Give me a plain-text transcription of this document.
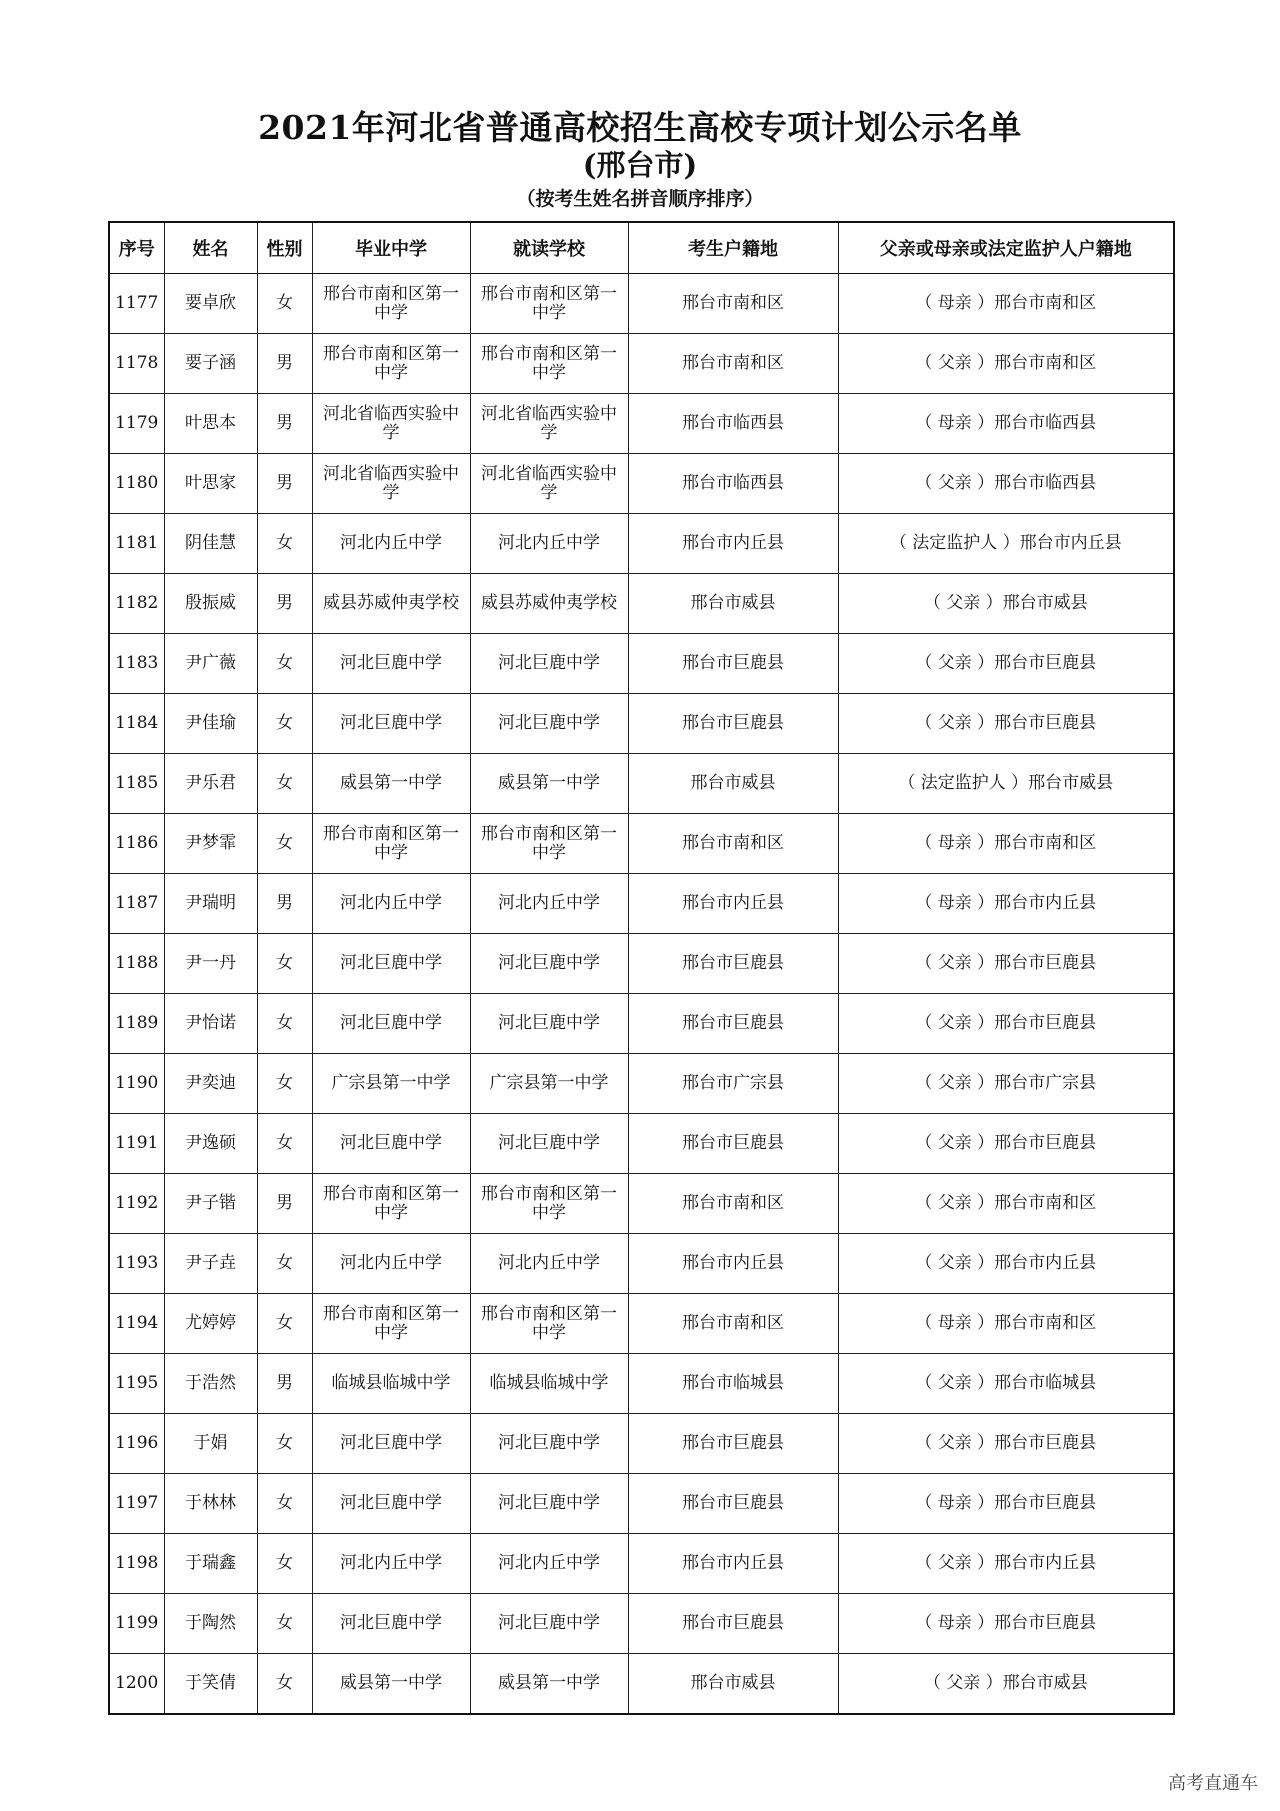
2021年河北省普通高校招生高校专项计划公示名单
(邢台市)
（按考生姓名拼音顺序排序）
序号	姓名	性别	毕业中学	就读学校	考生户籍地	父亲或母亲或法定监护人户籍地
1177	要卓欣	女	邢台市南和区第一中学	邢台市南和区第一中学	邢台市南和区	（ 母亲 ）邢台市南和区
1178	要子涵	男	邢台市南和区第一中学	邢台市南和区第一中学	邢台市南和区	（ 父亲 ）邢台市南和区
1179	叶思本	男	河北省临西实验中学	河北省临西实验中学	邢台市临西县	（ 母亲 ）邢台市临西县
1180	叶思家	男	河北省临西实验中学	河北省临西实验中学	邢台市临西县	（ 父亲 ）邢台市临西县
1181	阴佳慧	女	河北内丘中学	河北内丘中学	邢台市内丘县	（ 法定监护人 ）邢台市内丘县
1182	殷振威	男	威县苏威仲夷学校	威县苏威仲夷学校	邢台市威县	（ 父亲 ）邢台市威县
1183	尹广薇	女	河北巨鹿中学	河北巨鹿中学	邢台市巨鹿县	（ 父亲 ）邢台市巨鹿县
1184	尹佳瑜	女	河北巨鹿中学	河北巨鹿中学	邢台市巨鹿县	（ 父亲 ）邢台市巨鹿县
1185	尹乐君	女	威县第一中学	威县第一中学	邢台市威县	（ 法定监护人 ）邢台市威县
1186	尹梦霏	女	邢台市南和区第一中学	邢台市南和区第一中学	邢台市南和区	（ 母亲 ）邢台市南和区
1187	尹瑞明	男	河北内丘中学	河北内丘中学	邢台市内丘县	（ 母亲 ）邢台市内丘县
1188	尹一丹	女	河北巨鹿中学	河北巨鹿中学	邢台市巨鹿县	（ 父亲 ）邢台市巨鹿县
1189	尹怡诺	女	河北巨鹿中学	河北巨鹿中学	邢台市巨鹿县	（ 父亲 ）邢台市巨鹿县
1190	尹奕迪	女	广宗县第一中学	广宗县第一中学	邢台市广宗县	（ 父亲 ）邢台市广宗县
1191	尹逸硕	女	河北巨鹿中学	河北巨鹿中学	邢台市巨鹿县	（ 父亲 ）邢台市巨鹿县
1192	尹子锴	男	邢台市南和区第一中学	邢台市南和区第一中学	邢台市南和区	（ 父亲 ）邢台市南和区
1193	尹子垚	女	河北内丘中学	河北内丘中学	邢台市内丘县	（ 父亲 ）邢台市内丘县
1194	尤婷婷	女	邢台市南和区第一中学	邢台市南和区第一中学	邢台市南和区	（ 母亲 ）邢台市南和区
1195	于浩然	男	临城县临城中学	临城县临城中学	邢台市临城县	（ 父亲 ）邢台市临城县
1196	于娟	女	河北巨鹿中学	河北巨鹿中学	邢台市巨鹿县	（ 父亲 ）邢台市巨鹿县
1197	于林林	女	河北巨鹿中学	河北巨鹿中学	邢台市巨鹿县	（ 母亲 ）邢台市巨鹿县
1198	于瑞鑫	女	河北内丘中学	河北内丘中学	邢台市内丘县	（ 父亲 ）邢台市内丘县
1199	于陶然	女	河北巨鹿中学	河北巨鹿中学	邢台市巨鹿县	（ 母亲 ）邢台市巨鹿县
1200	于笑倩	女	威县第一中学	威县第一中学	邢台市威县	（ 父亲 ）邢台市威县
高考直通车
